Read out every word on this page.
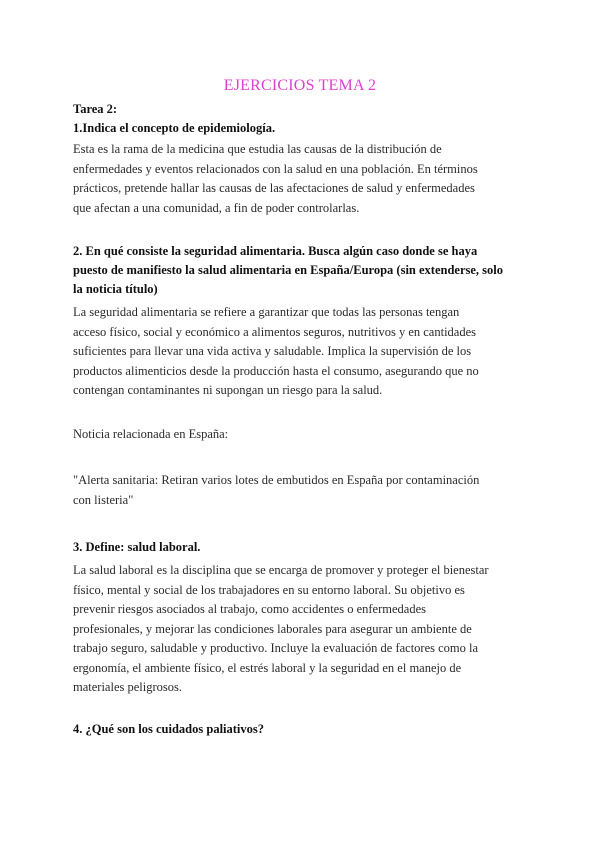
EJERCICIOS TEMA 2
Tarea 2:
1.Indica el concepto de epidemiología.
Esta es la rama de la medicina que estudia las causas de la distribución de
enfermedades y eventos relacionados con la salud en una población. En términos
prácticos, pretende hallar las causas de las afectaciones de salud y enfermedades
que afectan a una comunidad, a fin de poder controlarlas.
2. En qué consiste la seguridad alimentaria. Busca algún caso donde se haya
puesto de manifiesto la salud alimentaria en España/Europa (sin extenderse, solo
la noticia título)
La seguridad alimentaria se refiere a garantizar que todas las personas tengan
acceso físico, social y económico a alimentos seguros, nutritivos y en cantidades
suficientes para llevar una vida activa y saludable. Implica la supervisión de los
productos alimenticios desde la producción hasta el consumo, asegurando que no
contengan contaminantes ni supongan un riesgo para la salud.
Noticia relacionada en España:
"Alerta sanitaria: Retiran varios lotes de embutidos en España por contaminación
con listeria"
3. Define: salud laboral.
La salud laboral es la disciplina que se encarga de promover y proteger el bienestar
físico, mental y social de los trabajadores en su entorno laboral. Su objetivo es
prevenir riesgos asociados al trabajo, como accidentes o enfermedades
profesionales, y mejorar las condiciones laborales para asegurar un ambiente de
trabajo seguro, saludable y productivo. Incluye la evaluación de factores como la
ergonomía, el ambiente físico, el estrés laboral y la seguridad en el manejo de
materiales peligrosos.
4. ¿Qué son los cuidados paliativos?
